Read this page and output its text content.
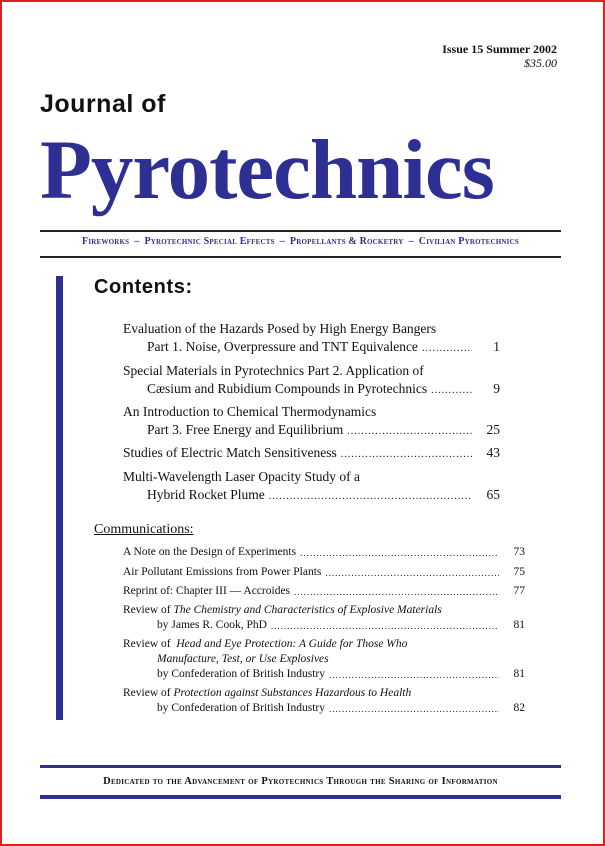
Issue 15 Summer 2002
$35.00
Journal of
Pyrotechnics
Fireworks – Pyrotechnic Special Effects – Propellants & Rocketry – Civilian Pyrotechnics
Contents:
Evaluation of the Hazards Posed by High Energy Bangers
Part 1. Noise, Overpressure and TNT Equivalence .....	1
Special Materials in Pyrotechnics Part 2. Application of
Cæsium and Rubidium Compounds in Pyrotechnics .....	9
An Introduction to Chemical Thermodynamics
Part 3. Free Energy and Equilibrium .....	25
Studies of Electric Match Sensitiveness .....	43
Multi-Wavelength Laser Opacity Study of a
Hybrid Rocket Plume .....	65
Communications:
A Note on the Design of Experiments .....	73
Air Pollutant Emissions from Power Plants .....	75
Reprint of: Chapter III — Accroides .....	77
Review of The Chemistry and Characteristics of Explosive Materials
by James R. Cook, PhD .....	81
Review of Head and Eye Protection: A Guide for Those Who
Manufacture, Test, or Use Explosives
by Confederation of British Industry .....	81
Review of Protection against Substances Hazardous to Health
by Confederation of British Industry .....	82
Dedicated to the Advancement of Pyrotechnics Through the Sharing of Information
